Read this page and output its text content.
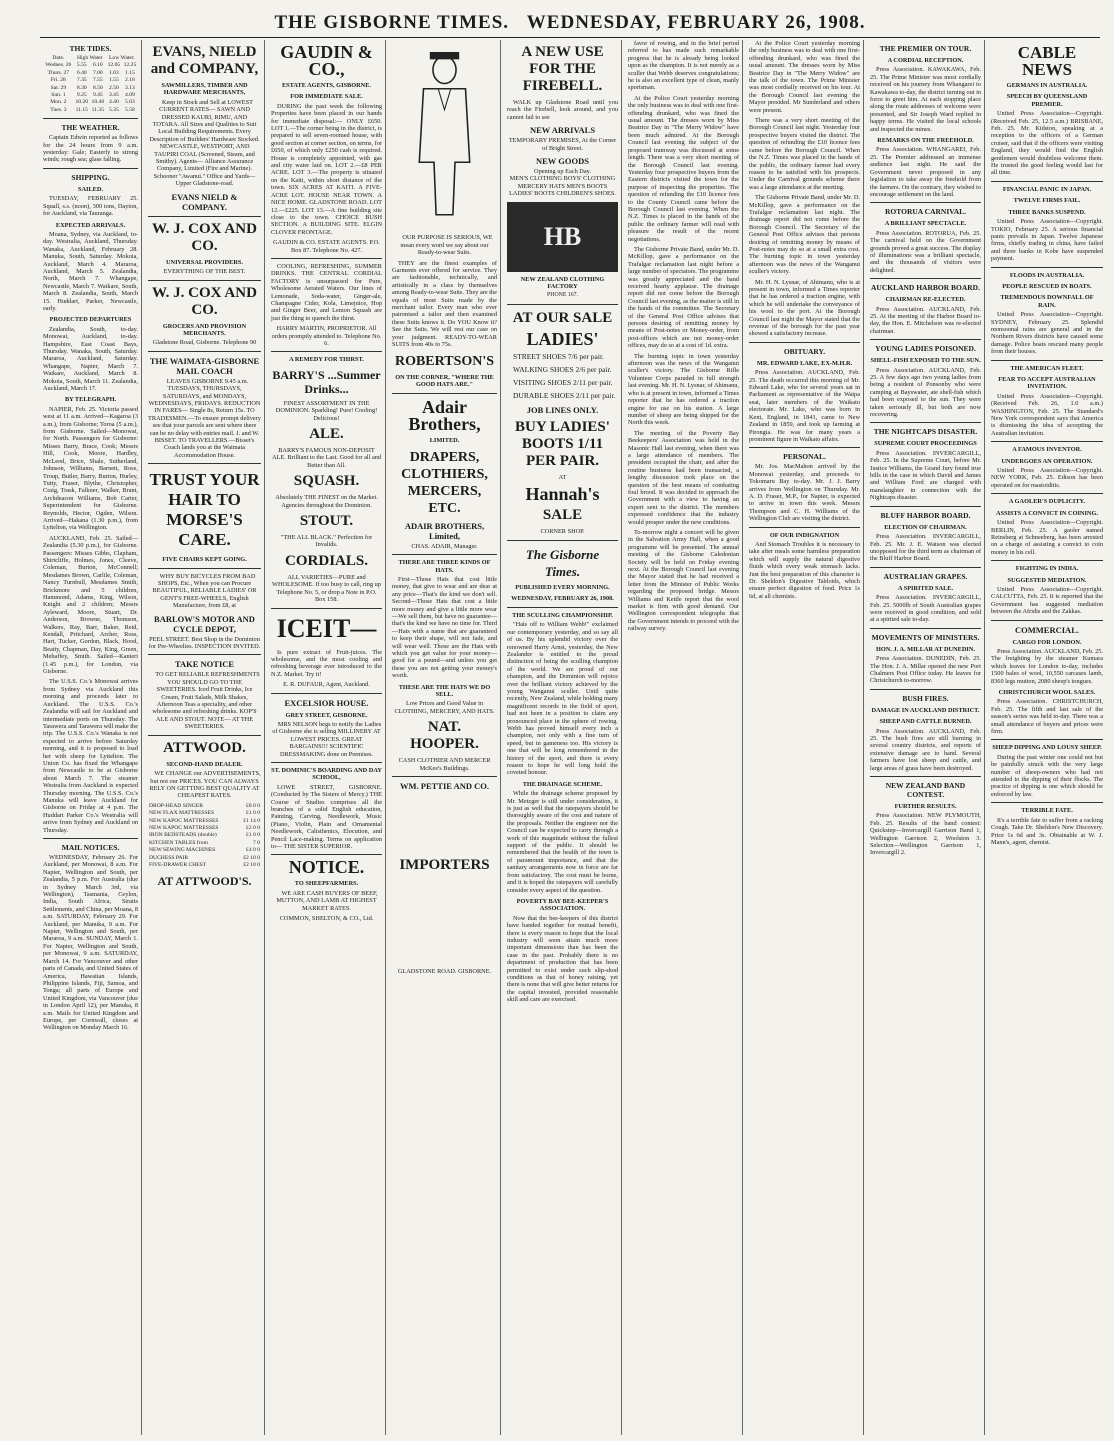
THE GISBORNE TIMES. WEDNESDAY, FEBRUARY 26, 1908.
THE TIDES.
Date.	High Water		Low Water.	
Wednes. 26	5.55	6.10	12.05	12.25
Thurs. 27	6.40	7.00	1.03	1.15
Fri. 28	7.35	7.55	1.55	2.18
Sat. 29	8.30	8.50	2.50	3.13
Sun. 1	9.25	9.45	3.45	4.09
Mon. 2	10.20	10.40	4.40	5.03
Tues. 3	11.15	11.35	5.35	5.58
THE WEATHER.
Captain Edwin reported as follows for the 24 hours from 9 a.m. yesterday: Gale; Easterly to strong winds; rough sea; glass falling.
SHIPPING.
SAILED.
TUESDAY, FEBRUARY 25. Squall, s.s. (noon), 300 tons, Dayton, for Auckland, via Tauranga.
EXPECTED ARRIVALS.
Moana, Sydney, via Auckland, to-day. Westralia, Auckland, Thursday. Wanaka, Auckland, February 28. Manuka, South, Saturday. Mokoia, Auckland, March 4. Mararoa, Auckland, March 5. Zealandia, North, March 7. Whangape, Newcastle, March 7. Waikare, South, March 8. Zealandia, South, March 15. Huddart, Parker, Newcastle, early.
PROJECTED DEPARTURES
Zealandia, South, to-day. Monowai, Auckland, to-day. Hampshire, East Coast Bays, Thursday. Wanaka, South, Saturday. Mararoa, Auckland, Saturday. Whangape, Napier, March 7. Waikare, Auckland, March 8. Mokoia, South, March 11. Zealandia, Auckland, March 17.
BY TELEGRAPH.
NAPIER, Feb. 25. Victoria passed west at 11 a.m. Arrived—Kagaroa (3 a.m.), from Gisborne; Toroa (5 a.m.), from Gisborne. Sailed—Monowai, for North. Passengers for Gisborne: Misses Barry, Brace, Cook; Messrs Hill, Cook, Moore, Hardley, McLeod, Brice, Shale, Sutherland, Johnson, Williams, Barnett, Rose, Troup, Butler, Barry, Burton, Hurley, Tutty, Fraser, Blythe, Christopher, Craig, Trask, Falkner, Walker, Brant, Archdeacon Williams, Bob Carter, Superintendent for Gisborne. Reynolds, Hector, Ogden, Wilson. Arrived—Hakana (1.30 p.m.), from Lyttelton, via Wellington.
AUCKLAND, Feb. 25. Sailed—Zealandia (5.30 p.m.), for Gisborne. Passengers: Misses Gibbs, Clapham, Shirtcliffe, Holmes, Jones, Cleeve, Coleman, Burton, McConnell; Mesdames Brown, Carlile, Coleman, Nancy Turnbull, Mesdames Smith, Brickmore and 5 children, Hammond, Adams, King, Wilson, Knight and 2 children; Messrs Ayleward, Moore, Stuart, Dr. Anderson, Browne, Thomson, Walkers, Ray, Barr, Baker, Reid, Kendall, Pritchard, Archer, Ross, Hart, Tucker, Gordon, Black, Hood, Beatty, Chapman, Day, King, Green, Mehaffey, Smith. Sailed—Kanieri (1.45 p.m.), for London, via Gisborne.
The U.S.S. Co.'s Monowai arrives from Sydney via Auckland this morning and proceeds later to Auckland. The U.S.S. Co.'s Zealandia will sail for Auckland and intermediate ports on Thursday. The Tarawera and Tarawera will make the trip. The U.S.S. Co.'s Wanaka is not expected to arrive before Saturday morning, and it is proposed to load her with sheep for Lyttelton. The Union Co. has fixed the Whangape from Newcastle to be at Gisborne about March 7. The steamer Westralia from Auckland is expected Thursday morning. The U.S.S. Co.'s Manuka will leave Auckland for Gisborne on Friday at 4 p.m. The Huddart Parker Co.'s Westralia will arrive from Sydney and Auckland on Thursday.
MAIL NOTICES.
WEDNESDAY, February 26. For Auckland, per Monowai, 8 a.m. For Napier, Wellington and South, per Zealandia, 5 p.m. For Australia (due in Sydney March 3rd, via Wellington), Tasmania, Ceylon, India, South Africa, Straits Settlements, and China, per Moana, 8 a.m. SATURDAY, February 29. For Auckland, per Manuka, 9 a.m. For Napier, Wellington and South, per Mararoa, 9 a.m. SUNDAY, March 1. For Napier, Wellington and South, per Monowai, 9 a.m. SATURDAY, March 14. For Vancouver and other parts of Canada, and United States of America, Hawaiian Islands, Philippine Islands, Fiji, Samoa, and Tonga; all parts of Europe and United Kingdom, via Vancouver (due in London April 12), per Manuka, 8 a.m. Mails for United Kingdom and Europe, per Cornwall, closes at Wellington on Monday March 16.
EVANS, NIELD and COMPANY,
SAWMILLERS, TIMBER AND HARDWARE MERCHANTS,
Keep in Stock and Sell at LOWEST CURRENT RATES— SAWN AND DRESSED KAURI, RIMU, AND TOTARA. All Sizes and Qualities to Suit Local Building Requirements. Every Description of Builders' Hardware Stocked. NEWCASTLE, WESTPORT, AND TAUPIRI COAL (Screened, Steam, and Smithy). Agents— Alliance Assurance Company, Limited (Fire and Marine). Schooner "Awanui." Office and Yards— Upper Gladstone-road.
EVANS NIELD & COMPANY.
W. J. COX AND CO.
UNIVERSAL PROVIDERS.
EVERYTHING OF THE BEST.
W. J. COX AND CO.
GROCERS AND PROVISION MERCHANTS.
Gladstone Road, Gisborne. Telephone 90
THE WAIMATA-GISBORNE MAIL COACH
LEAVES GISBORNE 9.45 a.m. TUESDAYS, THURSDAYS, SATURDAYS, and MONDAYS, WEDNESDAYS, FRIDAYS. REDUCTION IN FARES— Single 8s, Return 15s. TO TRADESMEN.—To ensure prompt delivery see that your parcels are sent where there can be no delay with entries mail. J. and W. BISSET. TO TRAVELLERS.—Bisset's Coach lands you at the Waimata Accommodation House.
TRUST YOUR HAIR TO MORSE'S CARE.
FIVE CHAIRS KEPT GOING.
WHY BUY BICYCLES FROM BAD SHOPS, Etc., When you can Procure BEAUTIFUL, RELIABLE LADIES' OR GENT'S FREE-WHEELS, English Manufacture, from £8, at
BARLOW'S MOTOR AND CYCLE DEPOT,
PEEL STREET. Best Shop in the Dominion for Pre-Wheelies. INSPECTION INVITED.
TAKE NOTICE
TO GET RELIABLE REFRESHMENTS YOU SHOULD GO TO THE SWEETERIES. Iced Fruit Drinks, Ice Cream, Fruit Salads, Milk Shakes, Afternoon Teas a speciality, and other wholesome and refreshing drinks. KOP'S ALE AND STOUT. NOTE— AT THE SWEETERIES.
ATTWOOD.
SECOND-HAND DEALER.
WE CHANGE our ADVERTISEMENTS, but not our PRICES. YOU CAN ALWAYS RELY ON GETTING BEST QUALITY AT CHEAPEST RATES.
DROP-HEAD SINGER	£8 0 0
NEW FLAX MATTRESSES	£1 0 0
NEW KAPOC MATTRESSES	£1 14 0
NEW KAPOC MATTRESSES	£2 0 0
IRON BEDSTEADS (double)	£1 0 0
KITCHEN TABLES from	7 0
NEW SEWING MACHINES	£4 0 0
DUCHESS PAIR	£2 10 0
FIVE-DRAWER CHEST	£2 10 0
AT ATTWOOD'S.
GAUDIN & CO.,
ESTATE AGENTS, GISBORNE.
FOR IMMEDIATE SALE.
DURING the past week the following Properties have been placed in our hands for immediate disposal:— ONLY £650. LOT 1.—The corner being in the district, is prepared to sell seven-roomed house, with good section at corner section, on terms, for £650, of which only £250 cash is required. House is completely appointed, with gas and city water laid on. LOT 2.—£8 PER ACRE. LOT 3.—The property is situated on the Kaiti, within short distance of the town. SIX ACRES AT KAITI. A FIVE-ACRE LOT. HOUSE NEAR TOWN. A NICE HOME. GLADSTONE ROAD. LOT 12.—£225. LOT 13.—A fine building site close to the town. CHOICE BUSH SECTION. A BUILDING SITE. ELGIN CLOVER FRONTAGE.
GAUDIN & CO. ESTATE AGENTS. P.O. Box 87. Telephone No. 427.
COOLING, REFRESHING, SUMMER DRINKS. THE CENTRAL CORDIAL FACTORY is unsurpassed for Pure, Wholesome Aerated Waters. Our lines of Lemonade, Soda-water, Ginger-ale, Champagne Cider, Kola, Limejuice, Hop and Ginger Beer, and Lemon Squash are just the thing to quench the thirst.
HARRY MARTIN, PROPRIETOR. All orders promptly attended to. Telephone No. 6.
A REMEDY FOR THIRST.
BARRY'S ...Summer Drinks...
FINEST ASSORTMENT IN THE DOMINION. Sparkling! Pure! Cooling! Delicious!
ALE.
BARRY'S FAMOUS NON-DEPOSIT ALE. Brilliant to the Last. Good for all and Better than All.
SQUASH.
Absolutely THE FINEST on the Market. Agencies throughout the Dominion.
STOUT.
"THE ALL BLACK." Perfection for Invalids.
CORDIALS.
ALL VARIETIES—PURE and WHOLESOME. If too busy to call, ring up Telephone No. 5, or drop a Note in P.O. Box 158.
ICEIT—
Is pure extract of Fruit-juices. The wholesome, and the most cooling and refreshing beverage ever introduced to the N.Z. Market. Try it!
E. R. DUFAUR, Agent, Auckland.
EXCELSIOR HOUSE.
GREY STREET, GISBORNE.
MRS NELSON begs to notify the Ladies of Gisborne she is selling MILLINERY AT LOWEST PRICES. GREAT BARGAINS!!! SCIENTIFIC DRESSMAKING done on Premises.
ST. DOMINIC'S BOARDING AND DAY SCHOOL,
LOWE STREET, GISBORNE. (Conducted by The Sisters of Mercy.) THE Course of Studies comprises all the branches of a solid English education, Painting, Carving, Needlework, Music (Piano, Violin, Plain and Ornamental Needlework, Calisthenics, Elocution, and Pencil Lace-making. Terms on application to— THE SISTER SUPERIOR.
NOTICE.
TO SHEEPFARMERS.
WE ARE CASH BUYERS OF BEEF, MUTTON, AND LAMB AT HIGHEST MARKET RATES.
COMMON, SHELTON, & CO., Ltd.
OUR PURPOSE IS SERIOUS, WE mean every word we say about our Ready-to-wear Suits.
THEY are the finest examples of Garments ever offered for service. They are fashionable, technically, and artistically in a class by themselves among Ready-to-wear Suits. They are the equals of most Suits made by the merchant tailor. Every man who ever patronised a tailor and then examined these Suits knows it. Do YOU Know it? See the Suits. We will rest our case on your judgment. READY-TO-WEAR SUITS from 40s to 75s.
ROBERTSON'S
ON THE CORNER, "WHERE THE GOOD HATS ARE."
Adair Brothers,
LIMITED.
DRAPERS, CLOTHIERS, MERCERS, ETC.
ADAIR BROTHERS, Limited,
CHAS. ADAIR, Manager.
THERE ARE THREE KINDS OF HATS.
First—Those Hats that cost little money, that give to wear and are dear at any price—That's the kind we don't sell. Second—Those Hats that cost a little more money and give a little more wear—We sell them, but have no guarantee—that's the kind we have no time for. Third—Hats with a name that are guaranteed to keep their shape, will not fade, and will wear well. Those are the Hats with which you get value for your money—good for a pound—and unless you get these you are not getting your money's worth.
THESE ARE THE HATS WE DO SELL.
Low Prices and Good Value in CLOTHING, MERCERY, AND HATS.
NAT. HOOPER.
CASH CLOTHIER AND MERCER McKee's Buildings.
WM. PETTIE AND CO.
IMPORTERS
GLADSTONE ROAD. GISBORNE.
A NEW USE FOR THE FIREBELL.
WALK up Gladstone Road until you reach the Firebell, look around, and you cannot fail to see
NEW ARRIVALS
TEMPORARY PREMISES, At the Corner of Bright Street.
NEW GOODS
Opening up Each Day.
MEN'S CLOTHING BOYS' CLOTHING MERCERY HATS MEN'S BOOTS LADIES' BOOTS CHILDREN'S SHOES.
HB
NEW ZEALAND CLOTHING FACTORY
PHONE 167.
AT OUR SALE
LADIES'
STREET SHOES 7/6 per pair.
WALKING SHOES 2/6 per pair.
VISITING SHOES 2/11 per pair.
DURABLE SHOES 2/11 per pair.
JOB LINES ONLY.
BUY LADIES' BOOTS 1/11 PER PAIR.
AT
Hannah's
SALE
CORNER SHOP.
The Gisborne Times.
PUBLISHED EVERY MORNING.
WEDNESDAY, FEBRUARY 26, 1908.
THE SCULLING CHAMPIONSHIP.
"Hats off to William Webb!" exclaimed our contemporary yesterday, and so say all of us. By his splendid victory over the renowned Harry Arnst, yesterday, the New Zealander is entitled to the proud distinction of being the sculling champion of the world. We are proud of our champion, and the Dominion will rejoice over the brilliant victory achieved by the young Wanganui sculler. Until quite recently, New Zealand, while holding many magnificent records in the field of sport, had not been in a position to claim any pronounced place in the sphere of rowing. Webb has proved himself every inch a champion, not only with a fine turn of speed, but in gameness too. His victory is one that will be long remembered in the history of the sport, and there is every reason to hope he will long hold the coveted honour.
THE DRAINAGE SCHEME.
While the drainage scheme proposed by Mr. Metzger is still under consideration, it is just as well that the ratepayers should be thoroughly aware of the cost and nature of the proposals. Neither the engineer nor the Council can be expected to carry through a work of this magnitude without the fullest support of the public. It should be remembered that the health of the town is of paramount importance, and that the sanitary arrangements now in force are far from satisfactory. The cost must be borne, and it is hoped the ratepayers will carefully consider every aspect of the question.
POVERTY BAY BEE-KEEPER'S ASSOCIATION.
Now that the bee-keepers of this district have banded together for mutual benefit, there is every reason to hope that the local industry will soon attain much more important dimensions than has been the case in the past. Probably there is no department of production that has been permitted to exist under such slip-shod conditions as that of honey raising, yet there is none that will give better returns for the capital invested, provided reasonable skill and care are exercised.
favor of rowing, and in the brief period referred to has made such remarkable progress that he is already being looked upon as the champion. It is not merely as a sculler that Webb deserves congratulations; he is also an excellent type of clean, manly sportsman.
At the Police Court yesterday morning the only business was to deal with one first-offending drunkard, who was fined the usual amount. The dresses worn by Miss Beatrice Day in "The Merry Widow" have been much admired. At the Borough Council last evening the subject of the proposed tramway was discussed at some length. There was a very short meeting of the Borough Council last evening. Yesterday four prospective buyers from the Eastern districts visited the town for the purpose of inspecting the properties. The question of refunding the £10 licence fees to the County Council came before the Borough Council last evening. When the N.Z. Times is placed in the hands of the public the ordinary farmer will read with pleasure the result of the recent negotiations.
The Gisborne Private Band, under Mr. D. McKillop, gave a performance on the Trafalgar reclamation last night before a large number of spectators. The programme was greatly appreciated and the band received hearty applause. The drainage report did not come before the Borough Council last evening, as the matter is still in the hands of the committee. The Secretary of the General Post Office advises that persons desiring of remitting money by means of Post-notes or Money-order, from post-offices which are not money-order offices, may do so at a cost of 1d. extra.
The burning topic in town yesterday afternoon was the news of the Wanganui sculler's victory. The Gisborne Rifle Volunteer Corps paraded in full strength last evening. Mr. H. N. Lysnar, of Ahimanu, who is at present in town, informed a Times reporter that he has ordered a traction engine for use on his station. A large number of sheep are being shipped for the North this week.
The meeting of the Poverty Bay Beekeepers' Association was held in the Masonic Hall last evening, when there was a large attendance of members. The president occupied the chair, and after the routine business had been transacted, a lengthy discussion took place on the question of the best means of combating foul brood. It was decided to approach the Government with a view to having an expert sent to the district. The members expressed confidence that the industry would prosper under the new conditions.
To-morrow night a concert will be given in the Salvation Army Hall, when a good programme will be presented. The annual meeting of the Gisborne Caledonian Society will be held on Friday evening next. At the Borough Council last evening the Mayor stated that he had received a letter from the Minister of Public Works regarding the proposed bridge. Messrs Williams and Kettle report that the wool market is firm with good demand. Our Wellington correspondent telegraphs that the Government intends to proceed with the railway survey.
At the Police Court yesterday morning the only business was to deal with one first-offending drunkard, who was fined the usual amount. The dresses worn by Miss Beatrice Day in "The Merry Widow" are the talk of the town. The Prime Minister was most cordially received on his tour. At the Borough Council last evening the Mayor presided. Mr Sunderland and others were present.
There was a very short meeting of the Borough Council last night. Yesterday four prospective buyers visited the district. The question of refunding the £10 licence fees came before the Borough Council. When the N.Z. Times was placed in the hands of the public, the ordinary farmer had every reason to be satisfied with his prospects. Under the Carnival grounds scheme there was a large attendance at the meeting.
The Gisborne Private Band, under Mr. D. McKillop, gave a performance on the Trafalgar reclamation last night. The drainage report did not come before the Borough Council. The Secretary of the General Post Office advises that persons desiring of remitting money by means of Post-notes may do so at a small extra cost. The burning topic in town yesterday afternoon was the news of the Wanganui sculler's victory.
Mr. H. N. Lysnar, of Ahimanu, who is at present in town, informed a Times reporter that he has ordered a traction engine, with which he will undertake the conveyance of his wool to the port. At the Borough Council last night the Mayor stated that the revenue of the borough for the past year showed a satisfactory increase.
OBITUARY.
MR. EDWARD LAKE, EX-M.H.R.
Press Association. AUCKLAND, Feb. 25. The death occurred this morning of Mr. Edward Lake, who for several years sat in Parliament as representative of the Waipa seat, later members of the Waikato electorate. Mr. Lake, who was born in Kent, England, in 1841, came to New Zealand in 1859, and took up farming at Pirongia. He was for many years a prominent figure in Waikato affairs.
PERSONAL.
Mr. Jos. MacMahon arrived by the Monowai yesterday, and proceeds to Tokomaru Bay to-day. Mr. J. J. Barry arrives from Wellington on Thursday. Mr. A. D. Fraser, M.P., for Napier, is expected to arrive in town this week. Messrs Thompson and C. H. Williams of the Wellington Club are visiting the district.
OF OUR INDIGNATION
And Stomach Troubles it is necessary to take after meals some harmless preparation which will supply the natural digestive fluids which every weak stomach lacks. Just the best preparation of this character is Dr. Sheldon's Digestive Tabloids, which ensure perfect digestion of food. Price 1s 6d, at all chemists.
THE PREMIER ON TOUR.
A CORDIAL RECEPTION.
Press Association. KAWAKAWA, Feb. 25. The Prime Minister was most cordially received on his journey from Whangarei to Kawakawa to-day, the district turning out in force to greet him. At each stopping place along the route addresses of welcome were presented, and Sir Joseph Ward replied in happy terms. He visited the local schools and inspected the mines.
REMARKS ON THE FREEHOLD.
Press Association. WHANGAREI, Feb. 25. The Premier addressed an immense audience last night. He said the Government never proposed in any legislation to take away the freehold from the farmers. On the contrary, they wished to encourage settlement on the land.
ROTORUA CARNIVAL.
A BRILLIANT SPECTACLE.
Press Association. ROTORUA, Feb. 25. The carnival held on the Government grounds proved a great success. The display of illuminations was a brilliant spectacle, and the thousands of visitors were delighted.
AUCKLAND HARBOR BOARD.
CHAIRMAN RE-ELECTED.
Press Association. AUCKLAND, Feb. 25. At the meeting of the Harbor Board to-day, the Hon. E. Mitchelson was re-elected chairman.
YOUNG LADIES POISONED.
SHELL-FISH EXPOSED TO THE SUN.
Press Association. AUCKLAND, Feb. 25. A few days ago two young ladies from being a resident of Ponsonby who were camping at Bayswater, ate shell-fish which had been exposed to the sun. They were taken seriously ill, but both are now recovering.
THE NIGHTCAPS DISASTER.
SUPREME COURT PROCEEDINGS
Press Association. INVERCARGILL, Feb. 25. In the Supreme Court, before Mr. Justice Williams, the Grand Jury found true bills in the case in which David and James and William Ford are charged with manslaughter in connection with the Nightcaps disaster.
BLUFF HARBOR BOARD.
ELECTION OF CHAIRMAN.
Press Association. INVERCARGILL, Feb. 25. Mr. J. E. Watson was elected unopposed for the third term as chairman of the Bluff Harbor Board.
AUSTRALIAN GRAPES.
A SPIRITED SALE.
Press Association. INVERCARGILL, Feb. 25. 5000lb of South Australian grapes were received in good condition, and sold at a spirited sale to-day.
MOVEMENTS OF MINISTERS.
HON. J. A. MILLAR AT DUNEDIN.
Press Association. DUNEDIN, Feb. 25. The Hon. J. A. Millar opened the new Port Chalmers Post Office today. He leaves for Christchurch to-morrow.
BUSH FIRES.
DAMAGE IN AUCKLAND DISTRICT.
SHEEP AND CATTLE BURNED.
Press Association. AUCKLAND, Feb. 25. The bush fires are still burning in several country districts, and reports of extensive damage are to hand. Several farmers have lost sheep and cattle, and large areas of grass have been destroyed.
NEW ZEALAND BAND CONTEST.
FURTHER RESULTS.
Press Association. NEW PLYMOUTH, Feb. 25. Results of the band contest: Quickstep—Invercargill Garrison Band 1, Wellington Garrison 2, Woolston 3. Selection—Wellington Garrison 1, Invercargill 2.
CABLE NEWS
GERMANS IN AUSTRALIA.
SPEECH BY QUEENSLAND PREMIER.
United Press Association—Copyright. (Received Feb. 25, 12.5 a.m.) BRISBANE, Feb. 25. Mr. Kidston, speaking at a reception to the officers of a German cruiser, said that if the officers were visiting England, they would find the English gentlemen would doubtless welcome them. He trusted the good feeling would last for all time.
FINANCIAL PANIC IN JAPAN.
TWELVE FIRMS FAIL.
THREE BANKS SUSPEND.
United Press Association—Copyright. TOKIO, February 25. A serious financial panic prevails in Japan. Twelve Japanese firms, chiefly trading in china, have failed and three banks in Kobe have suspended payment.
FLOODS IN AUSTRALIA.
PEOPLE RESCUED IN BOATS.
TREMENDOUS DOWNFALL OF RAIN.
United Press Association—Copyright. SYDNEY, February 25. Splendid monsoonal rains are general and in the Northern Rivers districts have caused some damage. Police boats rescued many people from their houses.
THE AMERICAN FLEET.
FEAR TO ACCEPT AUSTRALIAN INVITATION.
United Press Association—Copyright. (Received Feb. 26, 1.0 a.m.) WASHINGTON, Feb. 25. The Standard's New York correspondent says that America is dismissing the idea of accepting the Australian invitation.
A FAMOUS INVENTOR.
UNDERGOES AN OPERATION.
United Press Association—Copyright. NEW YORK, Feb. 25. Edison has been operated on for mastoiditis.
A GAOLER'S DUPLICITY.
ASSISTS A CONVICT IN COINING.
United Press Association—Copyright. BERLIN, Feb. 25. A gaoler named Reinsberg at Schneeberg, has been arrested on a charge of assisting a convict to coin money in his cell.
FIGHTING IN INDIA.
SUGGESTED MEDIATION.
United Press Association—Copyright. CALCUTTA, Feb. 25. It is reported that the Government has suggested mediation between the Afridis and the Zakkas.
COMMERCIAL.
CARGO FOR LONDON.
Press Association. AUCKLAND, Feb. 25. The freighting by the steamer Kumara which leaves for London to-day, includes 1500 bales of wool, 10,550 carcases lamb, 8360 legs mutton, 2080 sheep's tongues.
CHRISTCHURCH WOOL SALES.
Press Association. CHRISTCHURCH, Feb. 25. The fifth and last sale of the season's series was held to-day. There was a small attendance of buyers and prices were firm.
SHEEP DIPPING AND LOUSY SHEEP.
During the past winter one could not but be painfully struck with the very large number of sheep-owners who had not attended to the dipping of their flocks. The practice of dipping is one which should be enforced by law.
TERRIBLE FATE.
It's a terrible fate to suffer from a racking Cough. Take Dr. Sheldon's New Discovery. Price 1s 6d and 3s. Obtainable at W. J. Mann's, agent, chemist.
